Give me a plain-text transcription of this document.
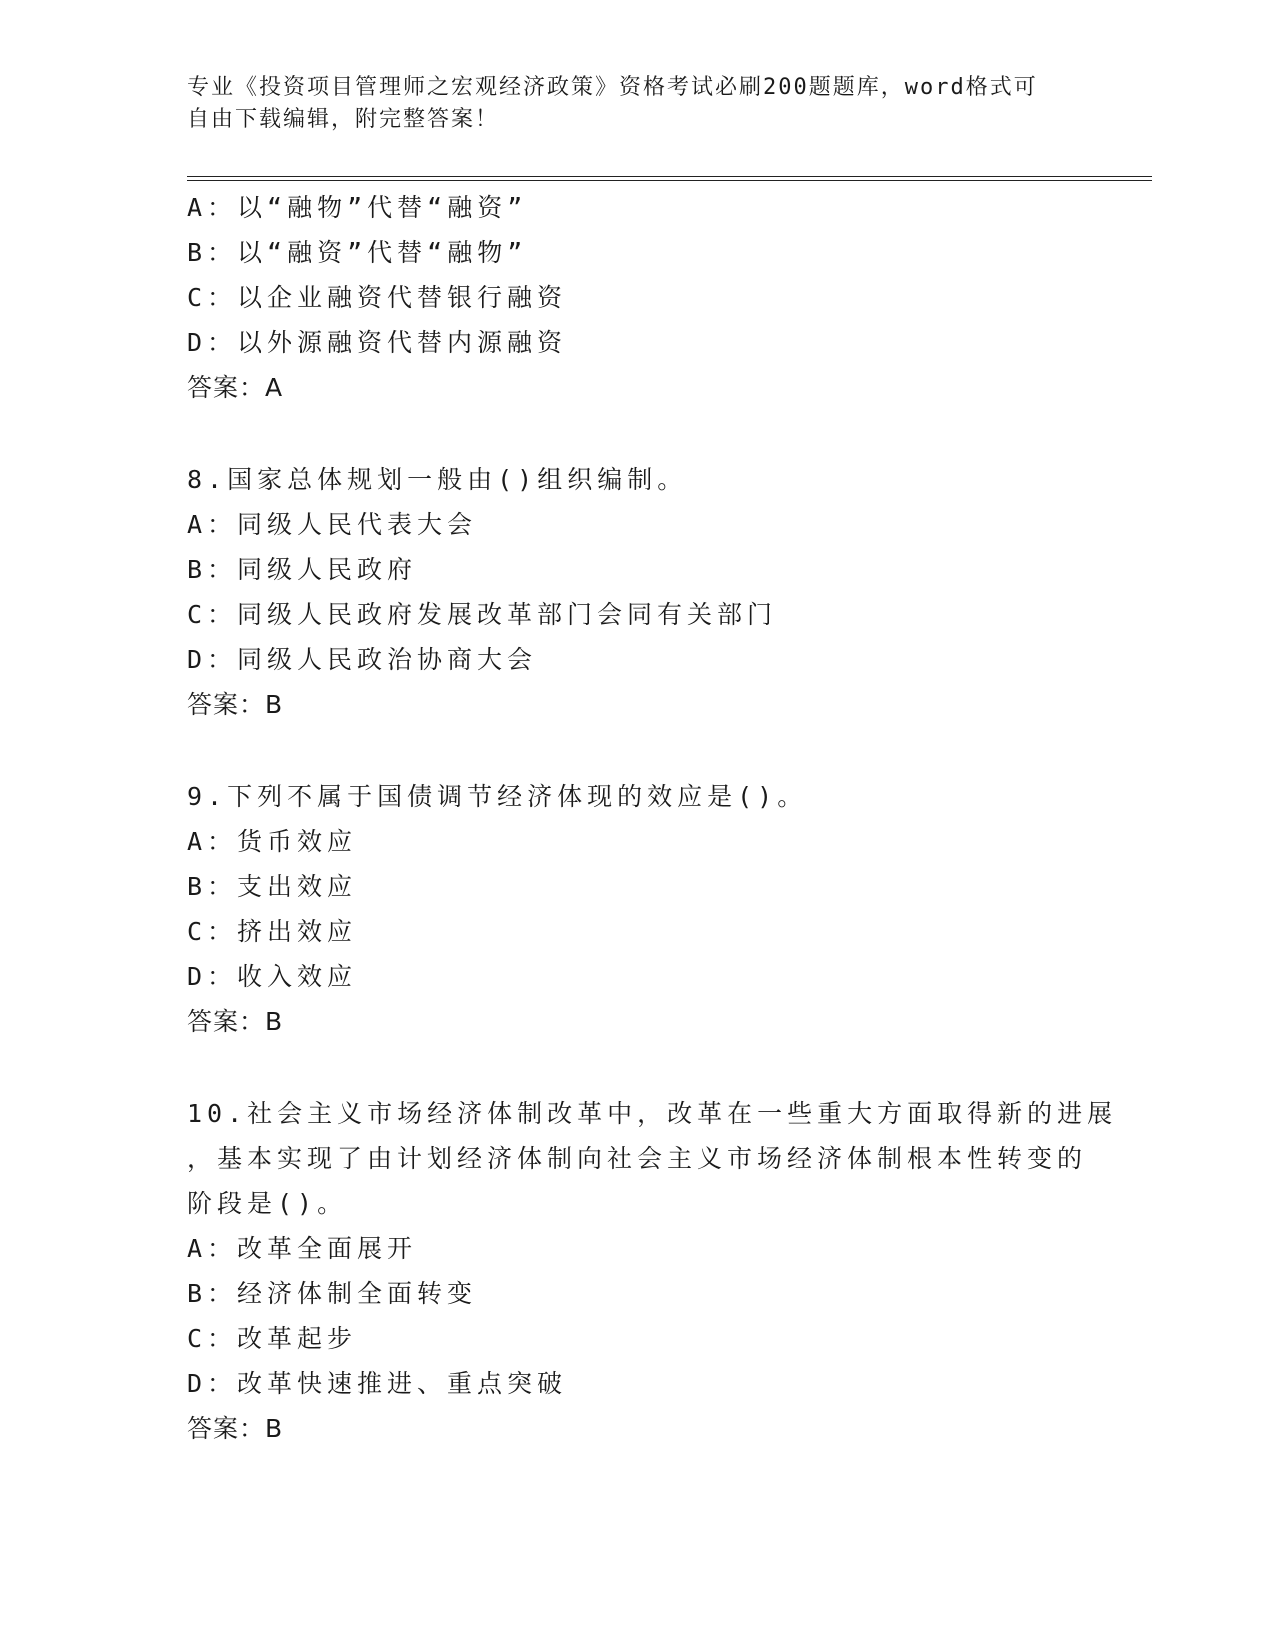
专业《投资项目管理师之宏观经济政策》资格考试必刷200题题库，word格式可
自由下载编辑，附完整答案！
A：以“融物”代替“融资”
B：以“融资”代替“融物”
C：以企业融资代替银行融资
D：以外源融资代替内源融资
答案：A
8.国家总体规划一般由()组织编制。
A：同级人民代表大会
B：同级人民政府
C：同级人民政府发展改革部门会同有关部门
D：同级人民政治协商大会
答案：B
9.下列不属于国债调节经济体现的效应是()。
A：货币效应
B：支出效应
C：挤出效应
D：收入效应
答案：B
10.社会主义市场经济体制改革中，改革在一些重大方面取得新的进展
，基本实现了由计划经济体制向社会主义市场经济体制根本性转变的
阶段是()。
A：改革全面展开
B：经济体制全面转变
C：改革起步
D：改革快速推进、重点突破
答案：B
